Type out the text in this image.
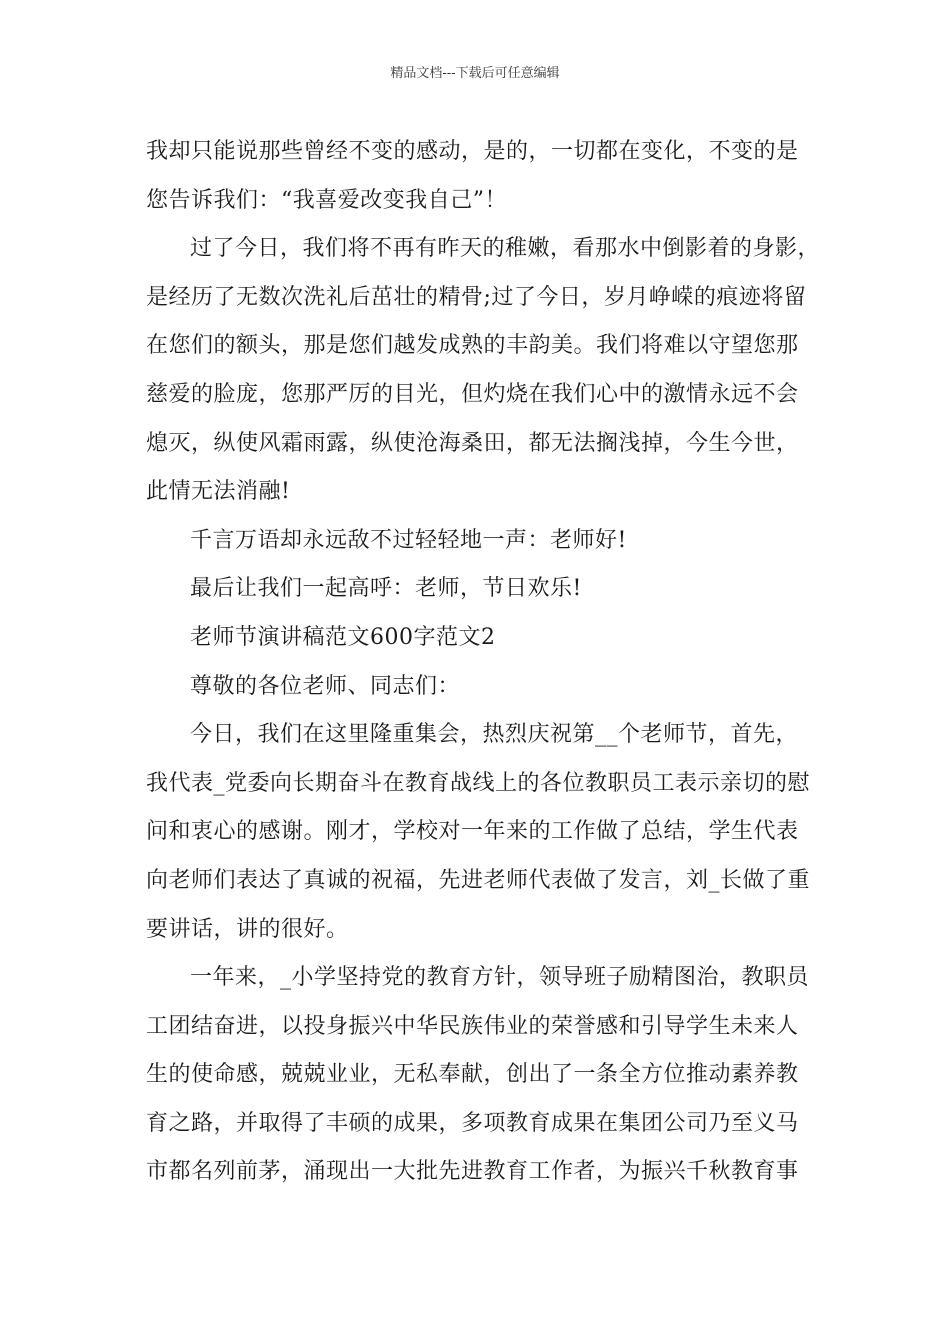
精品文档---下载后可任意编辑

我却只能说那些曾经不变的感动，是的，一切都在变化，不变的是
您告诉我们：“我喜爱改变我自己”！

过了今日，我们将不再有昨天的稚嫩，看那水中倒影着的身影，
是经历了无数次洗礼后茁壮的精骨;过了今日，岁月峥嵘的痕迹将留
在您们的额头，那是您们越发成熟的丰韵美。我们将难以守望您那
慈爱的脸庞，您那严厉的目光，但灼烧在我们心中的激情永远不会
熄灭，纵使风霜雨露，纵使沧海桑田，都无法搁浅掉，今生今世，
此情无法消融!

千言万语却永远敌不过轻轻地一声：老师好!

最后让我们一起高呼：老师，节日欢乐!

老师节演讲稿范文600字范文2

尊敬的各位老师、同志们：

今日，我们在这里隆重集会，热烈庆祝第__个老师节，首先，
我代表_党委向长期奋斗在教育战线上的各位教职员工表示亲切的慰
问和衷心的感谢。刚才，学校对一年来的工作做了总结，学生代表
向老师们表达了真诚的祝福，先进老师代表做了发言，刘_长做了重
要讲话，讲的很好。

一年来，_小学坚持党的教育方针，领导班子励精图治，教职员
工团结奋进，以投身振兴中华民族伟业的荣誉感和引导学生未来人
生的使命感，兢兢业业，无私奉献，创出了一条全方位推动素养教
育之路，并取得了丰硕的成果，多项教育成果在集团公司乃至义马
市都名列前茅，涌现出一大批先进教育工作者，为振兴千秋教育事
